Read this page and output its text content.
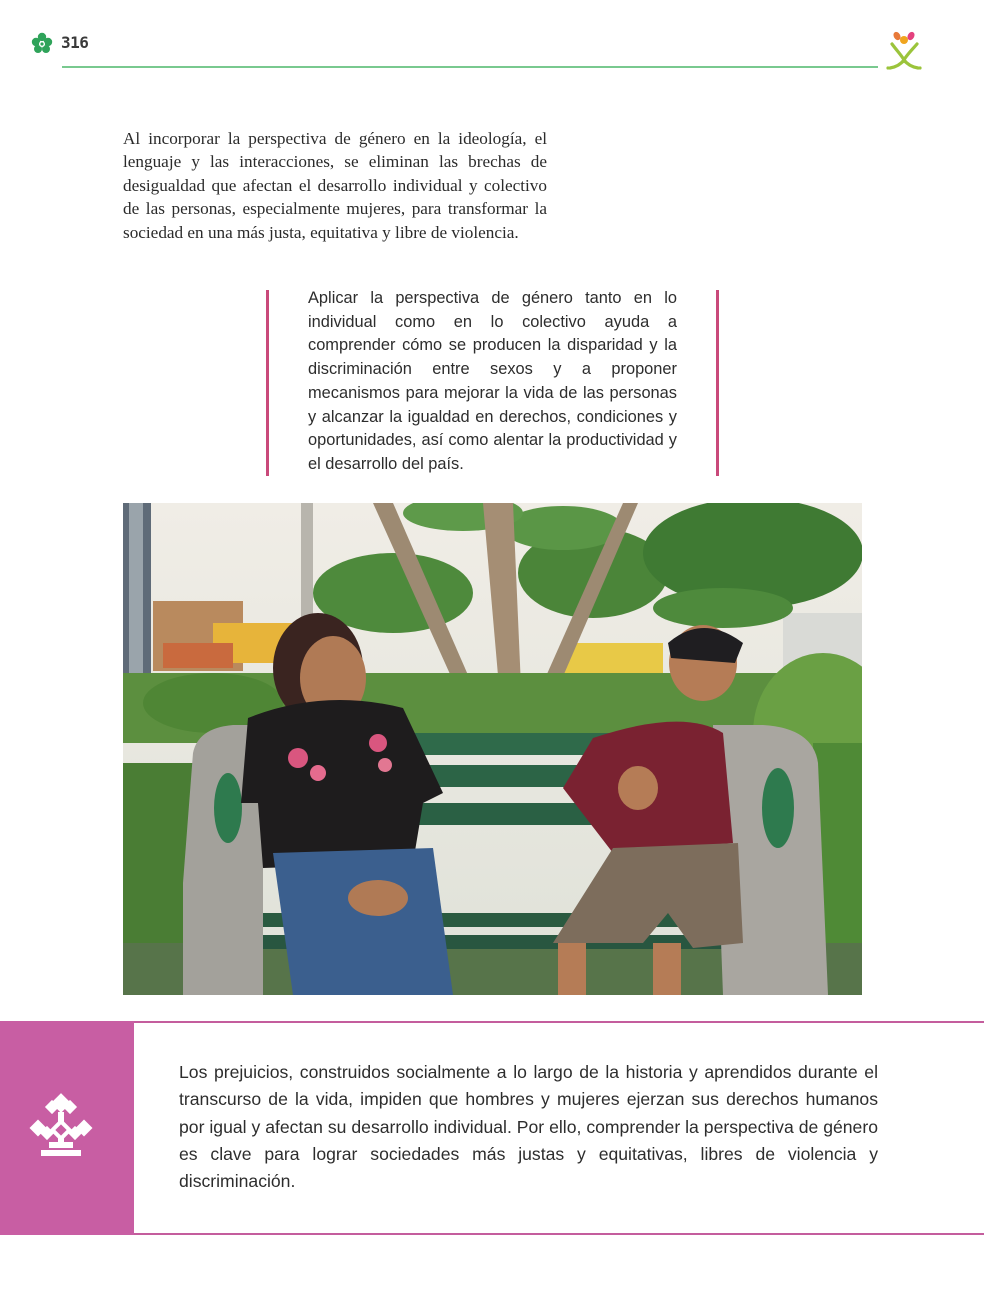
316

Al incorporar la perspectiva de género en la ideología, el lenguaje y las interacciones, se eliminan las brechas de desigualdad que afectan el desarrollo individual y colectivo de las personas, especialmente mujeres, para transformar la sociedad en una más justa, equitativa y libre de violencia.

Aplicar la perspectiva de género tanto en lo individual como en lo colectivo ayuda a comprender cómo se producen la disparidad y la discriminación entre sexos y a proponer mecanismos para mejorar la vida de las personas y alcanzar la igualdad en derechos, condiciones y oportunidades, así como alentar la productividad y el desarrollo del país.

Los prejuicios, construidos socialmente a lo largo de la historia y aprendidos durante el transcurso de la vida, impiden que hombres y mujeres ejerzan sus derechos humanos por igual y afectan su desarrollo individual. Por ello, comprender la perspectiva de género es clave para lograr sociedades más justas y equitativas, libres de violencia y discriminación.
